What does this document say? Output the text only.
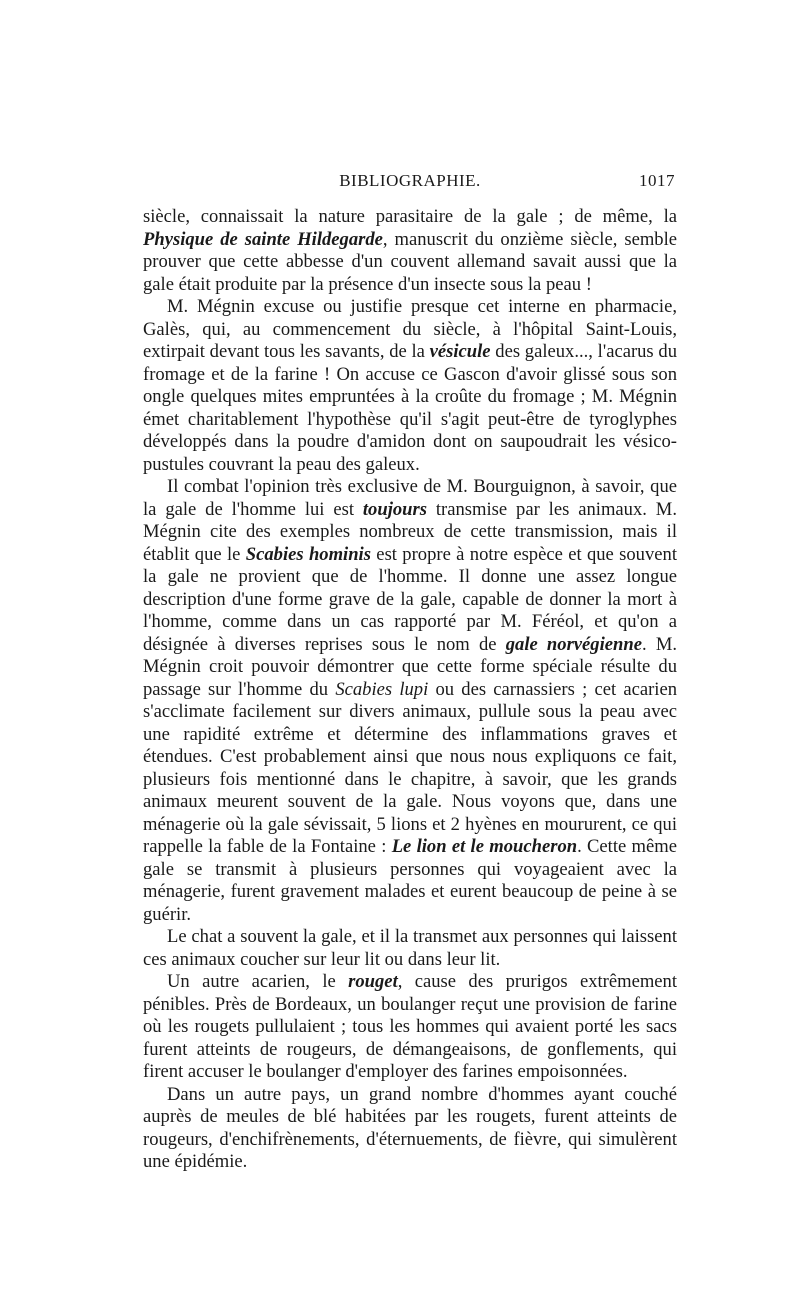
BIBLIOGRAPHIE.	1017

siècle, connaissait la nature parasitaire de la gale ; de même, la Physique de sainte Hildegarde, manuscrit du onzième siècle, semble prouver que cette abbesse d'un couvent allemand savait aussi que la gale était produite par la présence d'un insecte sous la peau !

M. Mégnin excuse ou justifie presque cet interne en pharmacie, Galès, qui, au commencement du siècle, à l'hôpital Saint-Louis, extirpait devant tous les savants, de la vésicule des galeux..., l'acarus du fromage et de la farine ! On accuse ce Gascon d'avoir glissé sous son ongle quelques mites empruntées à la croûte du fromage ; M. Mégnin émet charitablement l'hypothèse qu'il s'agit peut-être de tyroglyphes développés dans la poudre d'amidon dont on saupoudrait les vésico-pustules couvrant la peau des galeux.

Il combat l'opinion très exclusive de M. Bourguignon, à savoir, que la gale de l'homme lui est toujours transmise par les animaux. M. Mégnin cite des exemples nombreux de cette transmission, mais il établit que le Scabies hominis est propre à notre espèce et que souvent la gale ne provient que de l'homme. Il donne une assez longue description d'une forme grave de la gale, capable de donner la mort à l'homme, comme dans un cas rapporté par M. Féréol, et qu'on a désignée à diverses reprises sous le nom de gale norvégienne. M. Mégnin croit pouvoir démontrer que cette forme spéciale résulte du passage sur l'homme du Scabies lupi ou des carnassiers ; cet acarien s'acclimate facilement sur divers animaux, pullule sous la peau avec une rapidité extrême et détermine des inflammations graves et étendues. C'est probablement ainsi que nous nous expliquons ce fait, plusieurs fois mentionné dans le chapitre, à savoir, que les grands animaux meurent souvent de la gale. Nous voyons que, dans une ménagerie où la gale sévissait, 5 lions et 2 hyènes en moururent, ce qui rappelle la fable de la Fontaine : Le lion et le moucheron. Cette même gale se transmit à plusieurs personnes qui voyageaient avec la ménagerie, furent gravement malades et eurent beaucoup de peine à se guérir.

Le chat a souvent la gale, et il la transmet aux personnes qui laissent ces animaux coucher sur leur lit ou dans leur lit.

Un autre acarien, le rouget, cause des prurigos extrêmement pénibles. Près de Bordeaux, un boulanger reçut une provision de farine où les rougets pullulaient ; tous les hommes qui avaient porté les sacs furent atteints de rougeurs, de démangeaisons, de gonflements, qui firent accuser le boulanger d'employer des farines empoisonnées.

Dans un autre pays, un grand nombre d'hommes ayant couché auprès de meules de blé habitées par les rougets, furent atteints de rougeurs, d'enchifrènements, d'éternuements, de fièvre, qui simulèrent une épidémie.
